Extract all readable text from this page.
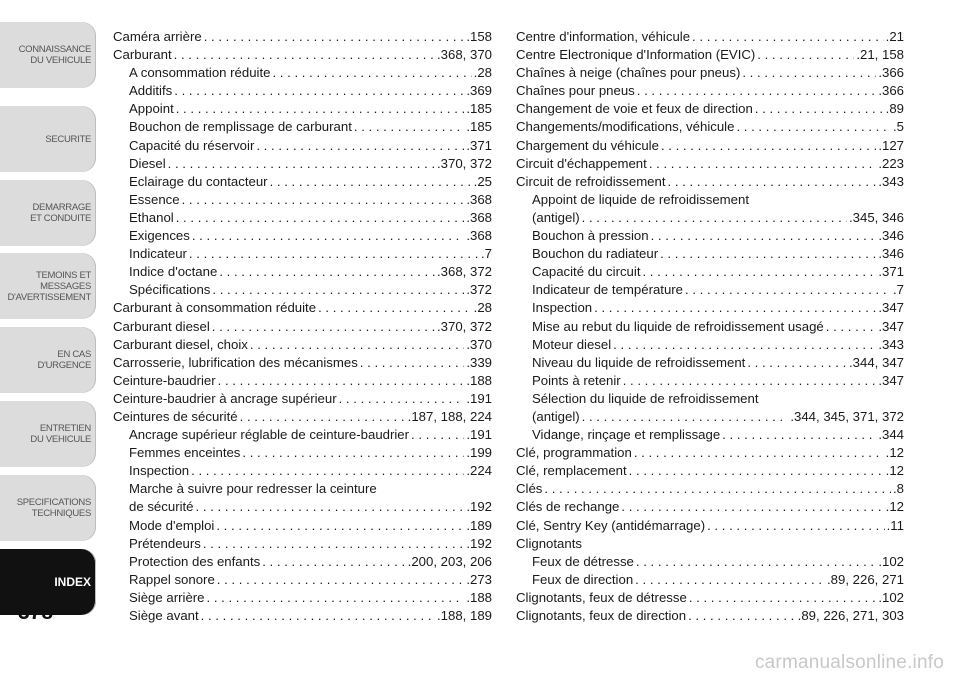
CONNAISSANCE
DU VEHICULE
SECURITE
DEMARRAGE
ET CONDUITE
TEMOINS ET
MESSAGES
D'AVERTISSEMENT
EN CAS
D'URGENCE
ENTRETIEN
DU VEHICULE
SPECIFICATIONS
TECHNIQUES
INDEX
378
Caméra arrière . . .	.158
Carburant . . .	.368, 370
A consommation réduite . . .	.28
Additifs . . .	.369
Appoint . . .	.185
Bouchon de remplissage de carburant . . .	.185
Capacité du réservoir . . .	.371
Diesel . . .	.370, 372
Eclairage du contacteur . . .	.25
Essence . . .	.368
Ethanol . . .	.368
Exigences . . .	.368
Indicateur . . .	.7
Indice d'octane . . .	.368, 372
Spécifications . . .	.372
Carburant à consommation réduite . . .	.28
Carburant diesel . . .	.370, 372
Carburant diesel, choix . . .	.370
Carrosserie, lubrification des mécanismes . . .	.339
Ceinture-baudrier . . .	.188
Ceinture-baudrier à ancrage supérieur . . .	.191
Ceintures de sécurité . . .	.187, 188, 224
Ancrage supérieur réglable de ceinture-baudrier . . .	.191
Femmes enceintes . . .	.199
Inspection . . .	.224
Marche à suivre pour redresser la ceinture
de sécurité . . .	.192
Mode d'emploi . . .	.189
Prétendeurs . . .	.192
Protection des enfants . . .	.200, 203, 206
Rappel sonore . . .	.273
Siège arrière . . .	.188
Siège avant . . .	.188, 189
Centre d'information, véhicule . . .	.21
Centre Electronique d'Information (EVIC) . . .	.21, 158
Chaînes à neige (chaînes pour pneus) . . .	.366
Chaînes pour pneus . . .	.366
Changement de voie et feux de direction . . .	.89
Changements/modifications, véhicule . . .	.5
Chargement du véhicule . . .	.127
Circuit d'échappement . . .	.223
Circuit de refroidissement . . .	.343
Appoint de liquide de refroidissement
(antigel) . . .	.345, 346
Bouchon à pression . . .	.346
Bouchon du radiateur . . .	.346
Capacité du circuit . . .	.371
Indicateur de température . . .	.7
Inspection . . .	.347
Mise au rebut du liquide de refroidissement usagé . . .	.347
Moteur diesel . . .	.343
Niveau du liquide de refroidissement . . .	.344, 347
Points à retenir . . .	.347
Sélection du liquide de refroidissement
(antigel) . . .	.344, 345, 371, 372
Vidange, rinçage et remplissage . . .	.344
Clé, programmation . . .	.12
Clé, remplacement . . .	.12
Clés . . .	.8
Clés de rechange . . .	.12
Clé, Sentry Key (antidémarrage) . . .	.11
Clignotants
Feux de détresse . . .	.102
Feux de direction . . .	.89, 226, 271
Clignotants, feux de détresse . . .	.102
Clignotants, feux de direction . . .	.89, 226, 271, 303
carmanualsonline.info
